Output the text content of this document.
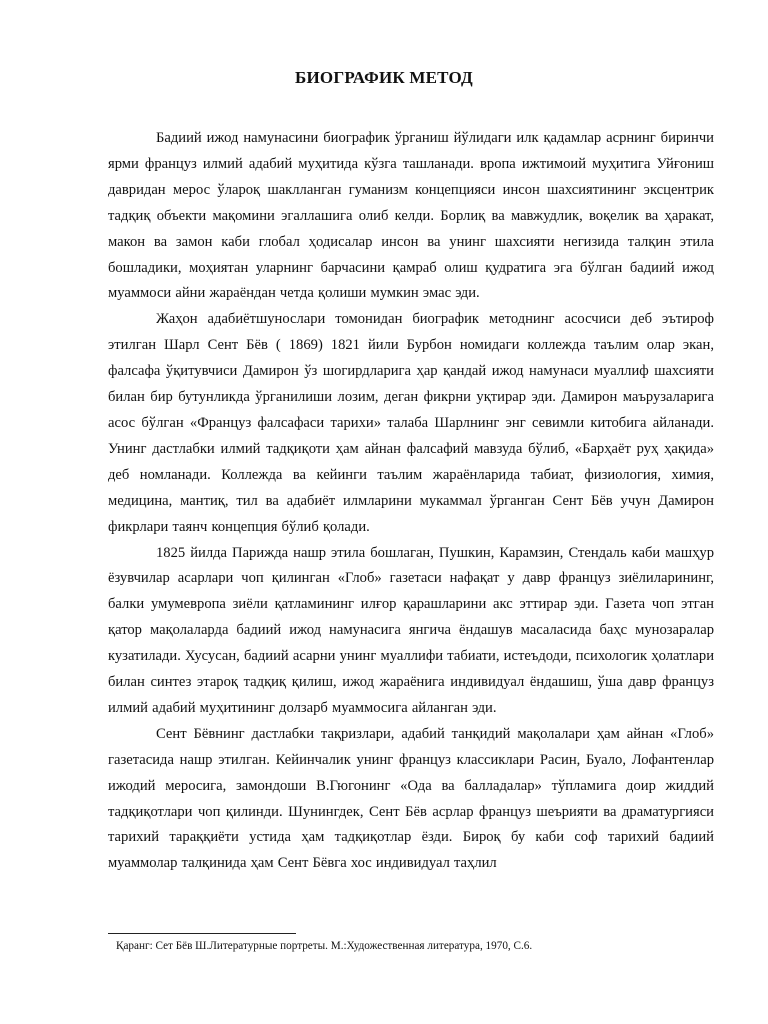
БИОГРАФИК МЕТОД

Бадиий ижод намунасини биографик ўрганиш йўлидаги илк қадамлар асрнинг биринчи ярми француз илмий адабий муҳитида кўзга ташланади. вропа ижтимоий муҳитига Уйғониш давридан мерос ўлароқ шаклланган гуманизм концепцияси инсон шахсиятининг эксцентрик тадқиқ объекти мақомини эгаллашига олиб келди. Борлиқ ва мавжудлик, воқелик ва ҳаракат, макон ва замон каби глобал ҳодисалар инсон ва унинг шахсияти негизида талқин этила бошладики, моҳиятан уларнинг барчасини қамраб олиш қудратига эга бўлган бадиий ижод муаммоси айни жараёндан четда қолиши мумкин эмас эди.

Жаҳон адабиётшунослари томонидан биографик методнинг асосчиси деб эътироф этилган Шарл Сент Бёв ( 1869) 1821 йили Бурбон номидаги коллежда таълим олар экан, фалсафа ўқитувчиси Дамирон ўз шогирдларига ҳар қандай ижод намунаси муаллиф шахсияти билан бир бутунликда ўрганилиши лозим, деган фикрни уқтирар эди. Дамирон маърузаларига асос бўлган «Француз фалсафаси тарихи» талаба Шарлнинг энг севимли китобига айланади. Унинг дастлабки илмий тадқиқоти ҳам айнан фалсафий мавзуда бўлиб, «Барҳаёт руҳ ҳақида» деб номланади. Коллежда ва кейинги таълим жараёнларида табиат, физиология, химия, медицина, мантиқ, тил ва адабиёт илмларини мукаммал ўрганган Сент Бёв учун Дамирон фикрлари таянч концепция бўлиб қолади.

1825 йилда Парижда нашр этила бошлаган, Пушкин, Карамзин, Стендаль каби машҳур ёзувчилар асарлари чоп қилинган «Глоб» газетаси нафақат у давр француз зиёлиларининг, балки умумевропа зиёли қатламининг илғор қарашларини акс эттирар эди. Газета чоп этган қатор мақолаларда бадиий ижод намунасига янгича ёндашув масаласида баҳс мунозаралар кузатилади. Хусусан, бадиий асарни унинг муаллифи табиати, истеъдоди, психологик ҳолатлари билан синтез этароқ тадқиқ қилиш, ижод жараёнига индивидуал ёндашиш, ўша давр француз илмий адабий муҳитининг долзарб муаммосига айланган эди.

Сент Бёвнинг дастлабки тақризлари, адабий танқидий мақолалари ҳам айнан «Глоб» газетасида нашр этилган. Кейинчалик унинг француз классиклари Расин, Буало, Лофантенлар ижодий меросига, замондоши В.Гюгонинг «Ода ва балладалар» тўпламига доир жиддий тадқиқотлари чоп қилинди. Шунингдек, Сент Бёв асрлар француз шеърияти ва драматургияси тарихий тараққиёти устида ҳам тадқиқотлар ёзди. Бироқ бу каби соф тарихий бадиий муаммолар талқинида ҳам Сент Бёвга хос индивидуал таҳлил

Қаранг: Сет Бёв Ш.Литературные портреты. М.:Художественная литература, 1970, С.6.
